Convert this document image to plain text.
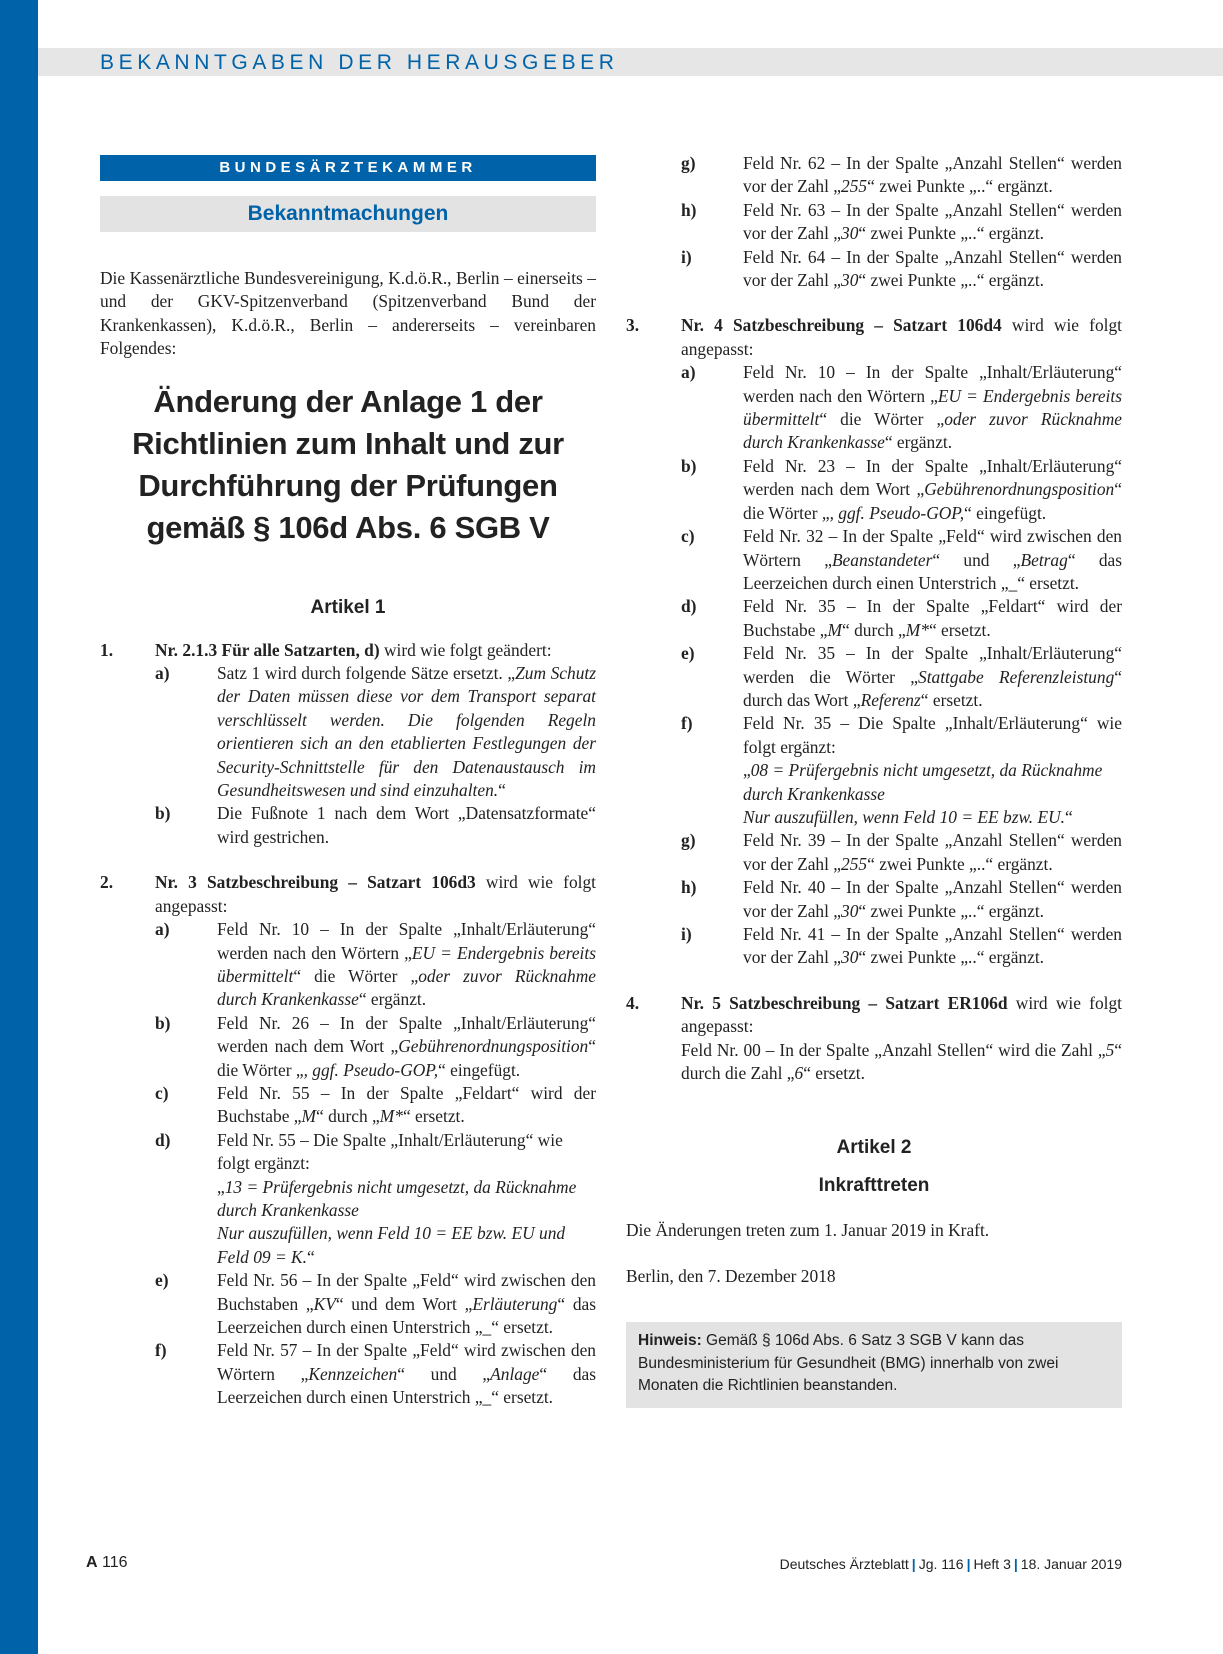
BEKANNTGABEN DER HERAUSGEBER
BUNDESÄRZTEKAMMER
Bekanntmachungen

Die Kassenärztliche Bundesvereinigung, K.d.ö.R., Berlin – einerseits – und der GKV-Spitzenverband (Spitzenverband Bund der Krankenkassen), K.d.ö.R., Berlin – andererseits – vereinbaren Folgendes:

Änderung der Anlage 1 der Richtlinien zum Inhalt und zur Durchführung der Prüfungen gemäß § 106d Abs. 6 SGB V
Artikel 1
1. Nr. 2.1.3 Für alle Satzarten, d) wird wie folgt geändert:
a)	Satz 1 wird durch folgende Sätze ersetzt. „Zum Schutz der Daten müssen diese vor dem Transport separat verschlüsselt werden. Die folgenden Regeln orientieren sich an den etablierten Festlegungen der Security-Schnittstelle für den Datenaustausch im Gesundheitswesen und sind einzuhalten.“
b)	Die Fußnote 1 nach dem Wort „Datensatzformate“ wird gestrichen.
2. Nr. 3 Satzbeschreibung – Satzart 106d3 wird wie folgt angepasst:
a)	Feld Nr. 10 – In der Spalte „Inhalt/Erläuterung“ werden nach den Wörtern „EU = Endergebnis bereits übermittelt“ die Wörter „oder zuvor Rücknahme durch Krankenkasse“ ergänzt.
b)	Feld Nr. 26 – In der Spalte „Inhalt/Erläuterung“ werden nach dem Wort „Gebührenordnungsposition“ die Wörter „, ggf. Pseudo-GOP,“ eingefügt.
c)	Feld Nr. 55 – In der Spalte „Feldart“ wird der Buchstabe „M“ durch „M*“ ersetzt.
d)	Feld Nr. 55 – Die Spalte „Inhalt/Erläuterung“ wie folgt ergänzt:
„13 = Prüfergebnis nicht umgesetzt, da Rücknahme durch Krankenkasse
Nur auszufüllen, wenn Feld 10 = EE bzw. EU und Feld 09 = K.“
e)	Feld Nr. 56 – In der Spalte „Feld“ wird zwischen den Buchstaben „KV“ und dem Wort „Erläuterung“ das Leerzeichen durch einen Unterstrich „_“ ersetzt.
f)	Feld Nr. 57 – In der Spalte „Feld“ wird zwischen den Wörtern „Kennzeichen“ und „Anlage“ das Leerzeichen durch einen Unterstrich „_“ ersetzt.
g)	Feld Nr. 62 – In der Spalte „Anzahl Stellen“ werden vor der Zahl „255“ zwei Punkte „..“ ergänzt.
h)	Feld Nr. 63 – In der Spalte „Anzahl Stellen“ werden vor der Zahl „30“ zwei Punkte „..“ ergänzt.
i)	Feld Nr. 64 – In der Spalte „Anzahl Stellen“ werden vor der Zahl „30“ zwei Punkte „..“ ergänzt.
3. Nr. 4 Satzbeschreibung – Satzart 106d4 wird wie folgt angepasst:
a)	Feld Nr. 10 – In der Spalte „Inhalt/Erläuterung“ werden nach den Wörtern „EU = Endergebnis bereits übermittelt“ die Wörter „oder zuvor Rücknahme durch Krankenkasse“ ergänzt.
b)	Feld Nr. 23 – In der Spalte „Inhalt/Erläuterung“ werden nach dem Wort „Gebührenordnungsposition“ die Wörter „, ggf. Pseudo-GOP,“ eingefügt.
c)	Feld Nr. 32 – In der Spalte „Feld“ wird zwischen den Wörtern „Beanstandeter“ und „Betrag“ das Leerzeichen durch einen Unterstrich „_“ ersetzt.
d)	Feld Nr. 35 – In der Spalte „Feldart“ wird der Buchstabe „M“ durch „M*“ ersetzt.
e)	Feld Nr. 35 – In der Spalte „Inhalt/Erläuterung“ werden die Wörter „Stattgabe Referenzleistung“ durch das Wort „Referenz“ ersetzt.
f)	Feld Nr. 35 – Die Spalte „Inhalt/Erläuterung“ wie folgt ergänzt:
„08 = Prüfergebnis nicht umgesetzt, da Rücknahme durch Krankenkasse
Nur auszufüllen, wenn Feld 10 = EE bzw. EU.“
g)	Feld Nr. 39 – In der Spalte „Anzahl Stellen“ werden vor der Zahl „255“ zwei Punkte „..“ ergänzt.
h)	Feld Nr. 40 – In der Spalte „Anzahl Stellen“ werden vor der Zahl „30“ zwei Punkte „..“ ergänzt.
i)	Feld Nr. 41 – In der Spalte „Anzahl Stellen“ werden vor der Zahl „30“ zwei Punkte „..“ ergänzt.
4. Nr. 5 Satzbeschreibung – Satzart ER106d wird wie folgt angepasst:
Feld Nr. 00 – In der Spalte „Anzahl Stellen“ wird die Zahl „5“ durch die Zahl „6“ ersetzt.
Artikel 2
Inkrafttreten

Die Änderungen treten zum 1. Januar 2019 in Kraft.

Berlin, den 7. Dezember 2018

Hinweis: Gemäß § 106d Abs. 6 Satz 3 SGB V kann das Bundesministerium für Gesundheit (BMG) innerhalb von zwei Monaten die Richtlinien beanstanden.
A 116	Deutsches Ärzteblatt | Jg. 116 | Heft 3 | 18. Januar 2019
